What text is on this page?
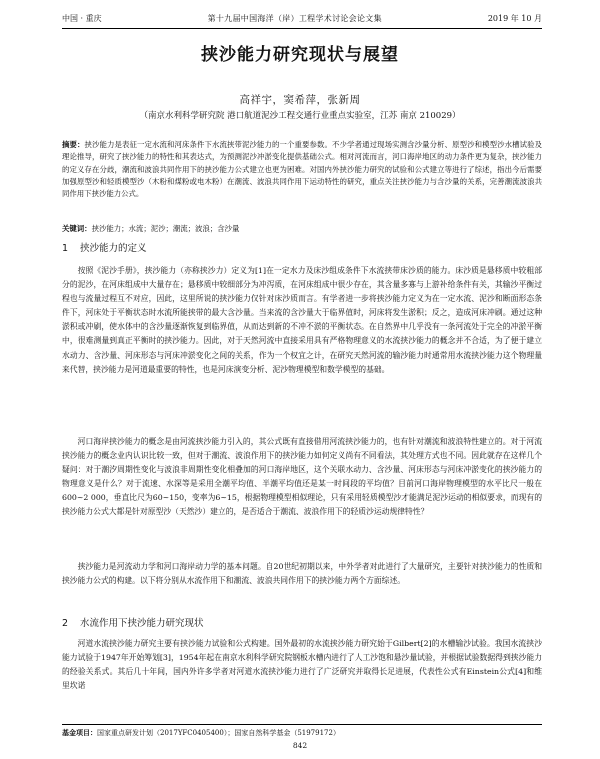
中国 · 重庆	第十九届中国海洋（岸）工程学术讨论会论文集	2019 年 10 月
挟沙能力研究现状与展望
高祥宇，窦希萍，张新周
（南京水利科学研究院 港口航道泥沙工程交通行业重点实验室，江苏 南京 210029）
摘要：挟沙能力是表征一定水流和河床条件下水流挟带泥沙能力的一个重要参数。不少学者通过现场实测含沙量分析、原型沙和模型沙水槽试验及理论推导，研究了挟沙能力的特性和其表达式，为预测泥沙冲淤变化提供基础公式。相对河流而言，河口海岸地区的动力条件更为复杂，挟沙能力的定义存在分歧，潮流和波浪共同作用下的挟沙能力公式建立也更为困难。对国内外挟沙能力研究的试验和公式建立等进行了综述，指出今后需要加强原型沙和轻质模型沙（木粉和煤粉或电木粉）在潮流、波浪共同作用下运动特性的研究，重点关注挟沙能力与含沙量的关系，完善潮流波浪共同作用下挟沙能力公式。
关键词：挟沙能力；水流；泥沙；潮流；波浪；含沙量
1 挟沙能力的定义
按照《泥沙手册》，挟沙能力（亦称挟沙力）定义为[1]在一定水力及床沙组成条件下水流挟带床沙质的能力。床沙质是悬移质中较粗部分的泥沙，在河床组成中大量存在；悬移质中较细部分为冲泻质，在河床组成中很少存在，其含量多寡与上游补给条件有关，其输沙平衡过程也与流量过程互不对应，因此，这里所说的挟沙能力仅针对床沙质而言。有学者进一步将挟沙能力定义为在一定水流、泥沙和断面形态条件下，河床处于平衡状态时水流所能挟带的最大含沙量。当来流的含沙量大于临界值时，河床将发生淤积；反之，造成河床冲刷。通过这种淤积或冲刷，使水体中的含沙量逐渐恢复到临界值，从而达到新的不冲不淤的平衡状态。在自然界中几乎没有一条河流处于完全的冲淤平衡中，很难测量到真正平衡时的挟沙能力。因此，对于天然河流中直接采用具有严格物理意义的水流挟沙能力的概念并不合适，为了便于建立水动力、含沙量、河床形态与河床冲淤变化之间的关系，作为一个权宜之计，在研究天然河流的输沙能力时通常用水流挟沙能力这个物理量来代替，挟沙能力是河道最重要的特性，也是河床演变分析、泥沙物理模型和数学模型的基础。
河口海岸挟沙能力的概念是由河流挟沙能力引入的，其公式既有直接借用河流挟沙能力的，也有针对潮流和波浪特性建立的。对于河流挟沙能力的概念业内认识比较一致，但对于潮流、波浪作用下的挟沙能力如何定义尚有不同看法，其处理方式也不同。因此就存在这样几个疑问：对于潮汐周期性变化与波浪非周期性变化相叠加的河口海岸地区，这个关联水动力、含沙量、河床形态与河床冲淤变化的挟沙能力的物理意义是什么？对于流速、水深等是采用全潮平均值、半潮平均值还是某一时间段的平均值？目前河口海岸物理模型的水平比尺一般在600~2 000，垂直比尺为60~150，变率为6~15，根据物理模型相似理论，只有采用轻质模型沙才能满足泥沙运动的相似要求，而现有的挟沙能力公式大都是针对原型沙（天然沙）建立的，是否适合于潮流、波浪作用下的轻质沙运动规律特性？
挟沙能力是河流动力学和河口海岸动力学的基本问题。自20世纪初期以来，中外学者对此进行了大量研究，主要针对挟沙能力的性质和挟沙能力公式的构建。以下将分别从水流作用下和潮流、波浪共同作用下的挟沙能力两个方面综述。
2 水流作用下挟沙能力研究现状
河道水流挟沙能力研究主要有挟沙能力试验和公式构建。国外最初的水流挟沙能力研究始于Gilbert[2]的水槽输沙试验。我国水流挟沙能力试验于1947年开始筹划[3]，1954年起在南京水利科学研究院钢板水槽内进行了人工沙饱和悬沙量试验，并根据试验数据得到挟沙能力的经验关系式。其后几十年间，国内外许多学者对河道水流挟沙能力进行了广泛研究并取得长足进展，代表性公式有Einstein公式[4]和维里坎诺
基金项目：国家重点研发计划（2017YFC0405400）；国家自然科学基金（51979172）
842
